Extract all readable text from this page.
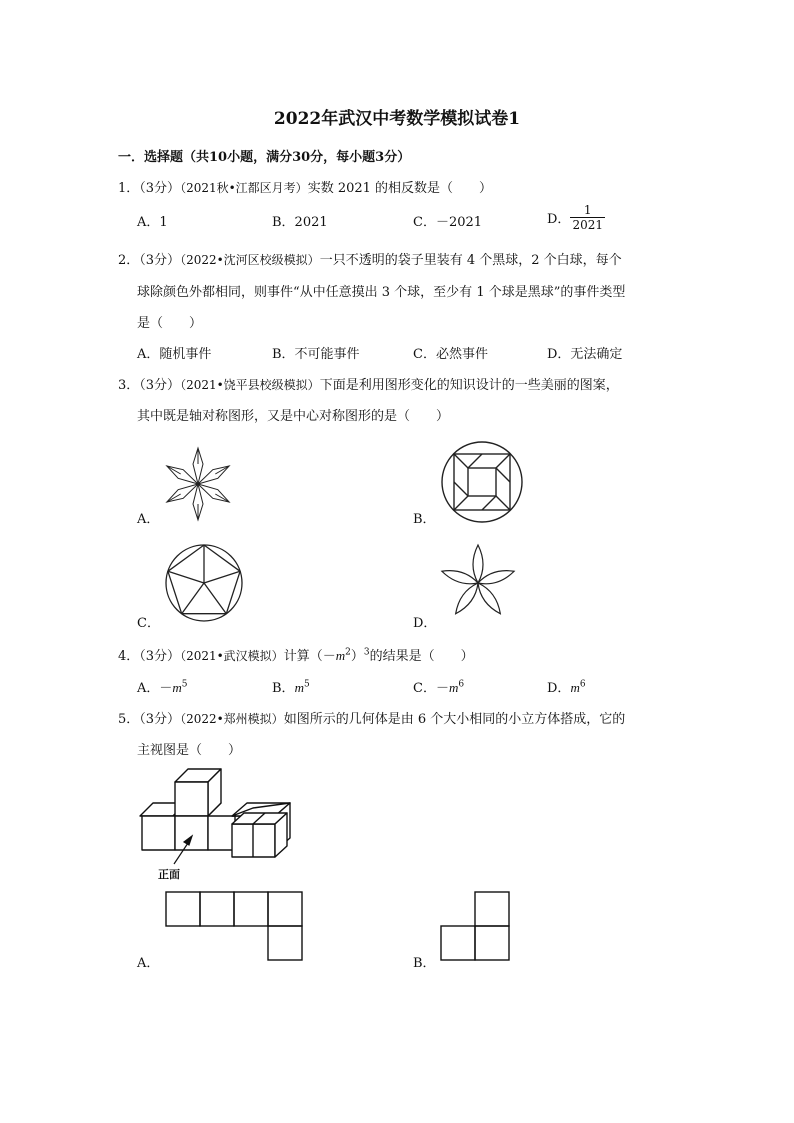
2022年武汉中考数学模拟试卷1
一．选择题（共10小题，满分30分，每小题3分）
1．（3分）（2021秋•江都区月考）实数 2021 的相反数是（　　）
A．1	B．2021	C．－2021	D． $\frac{1}{2021}$
2．（3分）（2022•沈河区校级模拟）一只不透明的袋子里装有 4 个黑球，2 个白球，每个
球除颜色外都相同，则事件“从中任意摸出 3 个球，至少有 1 个球是黑球”的事件类型
是（　　）
A．随机事件	B．不可能事件	C．必然事件	D．无法确定
3．（3分）（2021•饶平县校级模拟）下面是利用图形变化的知识设计的一些美丽的图案，
其中既是轴对称图形，又是中心对称图形的是（　　）
A．	B．
C．	D．
4．（3分）（2021•武汉模拟）计算$(-m^2)^3$的结果是（　　）
A．$-m^5$	B．$m^5$	C．$-m^6$	D．$m^6$
5．（3分）（2022•郑州模拟）如图所示的几何体是由 6 个大小相同的小立方体搭成，它的
主视图是（　　）
正面
A．	B．
